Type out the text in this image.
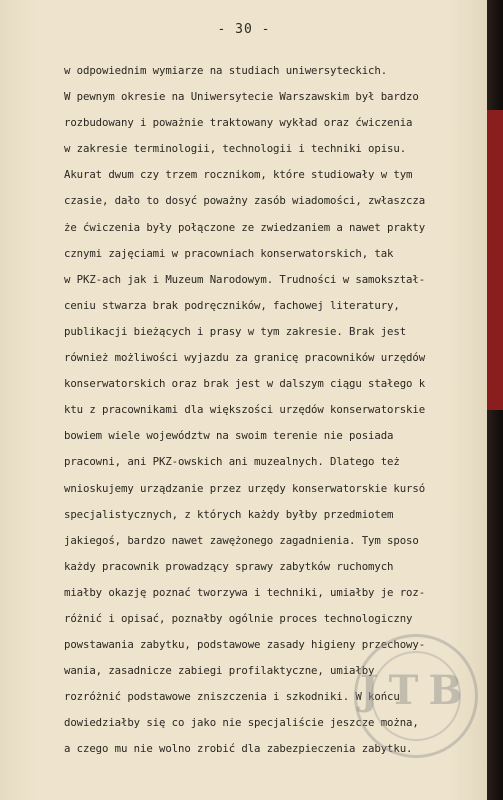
- 30 -
w odpowiednim wymiarze na studiach uniwersyteckich.
W pewnym okresie na Uniwersytecie Warszawskim był bardzo
rozbudowany i poważnie traktowany wykład oraz ćwiczenia
w zakresie terminologii, technologii i techniki opisu.
Akurat dwum czy trzem rocznikom, które studiowały w tym
czasie, dało to dosyć poważny zasób wiadomości, zwłaszcza
że ćwiczenia były połączone ze zwiedzaniem a nawet prakty
cznymi zajęciami w pracowniach konserwatorskich, tak
w PKZ-ach jak i Muzeum Narodowym. Trudności w samokształ-
ceniu stwarza brak podręczników, fachowej literatury,
publikacji bieżących i prasy w tym zakresie. Brak jest
również możliwości wyjazdu za granicę pracowników urzędów
konserwatorskich oraz brak jest w dalszym ciągu stałego k
ktu z pracownikami dla większości urzędów konserwatorskie
bowiem wiele województw na swoim terenie nie posiada
pracowni, ani PKZ-owskich ani muzealnych. Dlatego też
wnioskujemy urządzanie przez urzędy konserwatorskie kursó
specjalistycznych, z których każdy byłby przedmiotem
jakiegoś, bardzo nawet zawężonego zagadnienia. Tym sposo
każdy pracownik prowadzący sprawy zabytków ruchomych
miałby okazję poznać tworzywa i techniki, umiałby je roz-
różnić i opisać, poznałby ogólnie proces technologiczny
powstawania zabytku, podstawowe zasady higieny przechowy-
wania, zasadnicze zabiegi profilaktyczne, umiałby
rozróżnić podstawowe zniszczenia i szkodniki. W końcu
dowiedziałby się co jako nie specjaliście jeszcze można,
a czego mu nie wolno zrobić dla zabezpieczenia zabytku.
JTB
